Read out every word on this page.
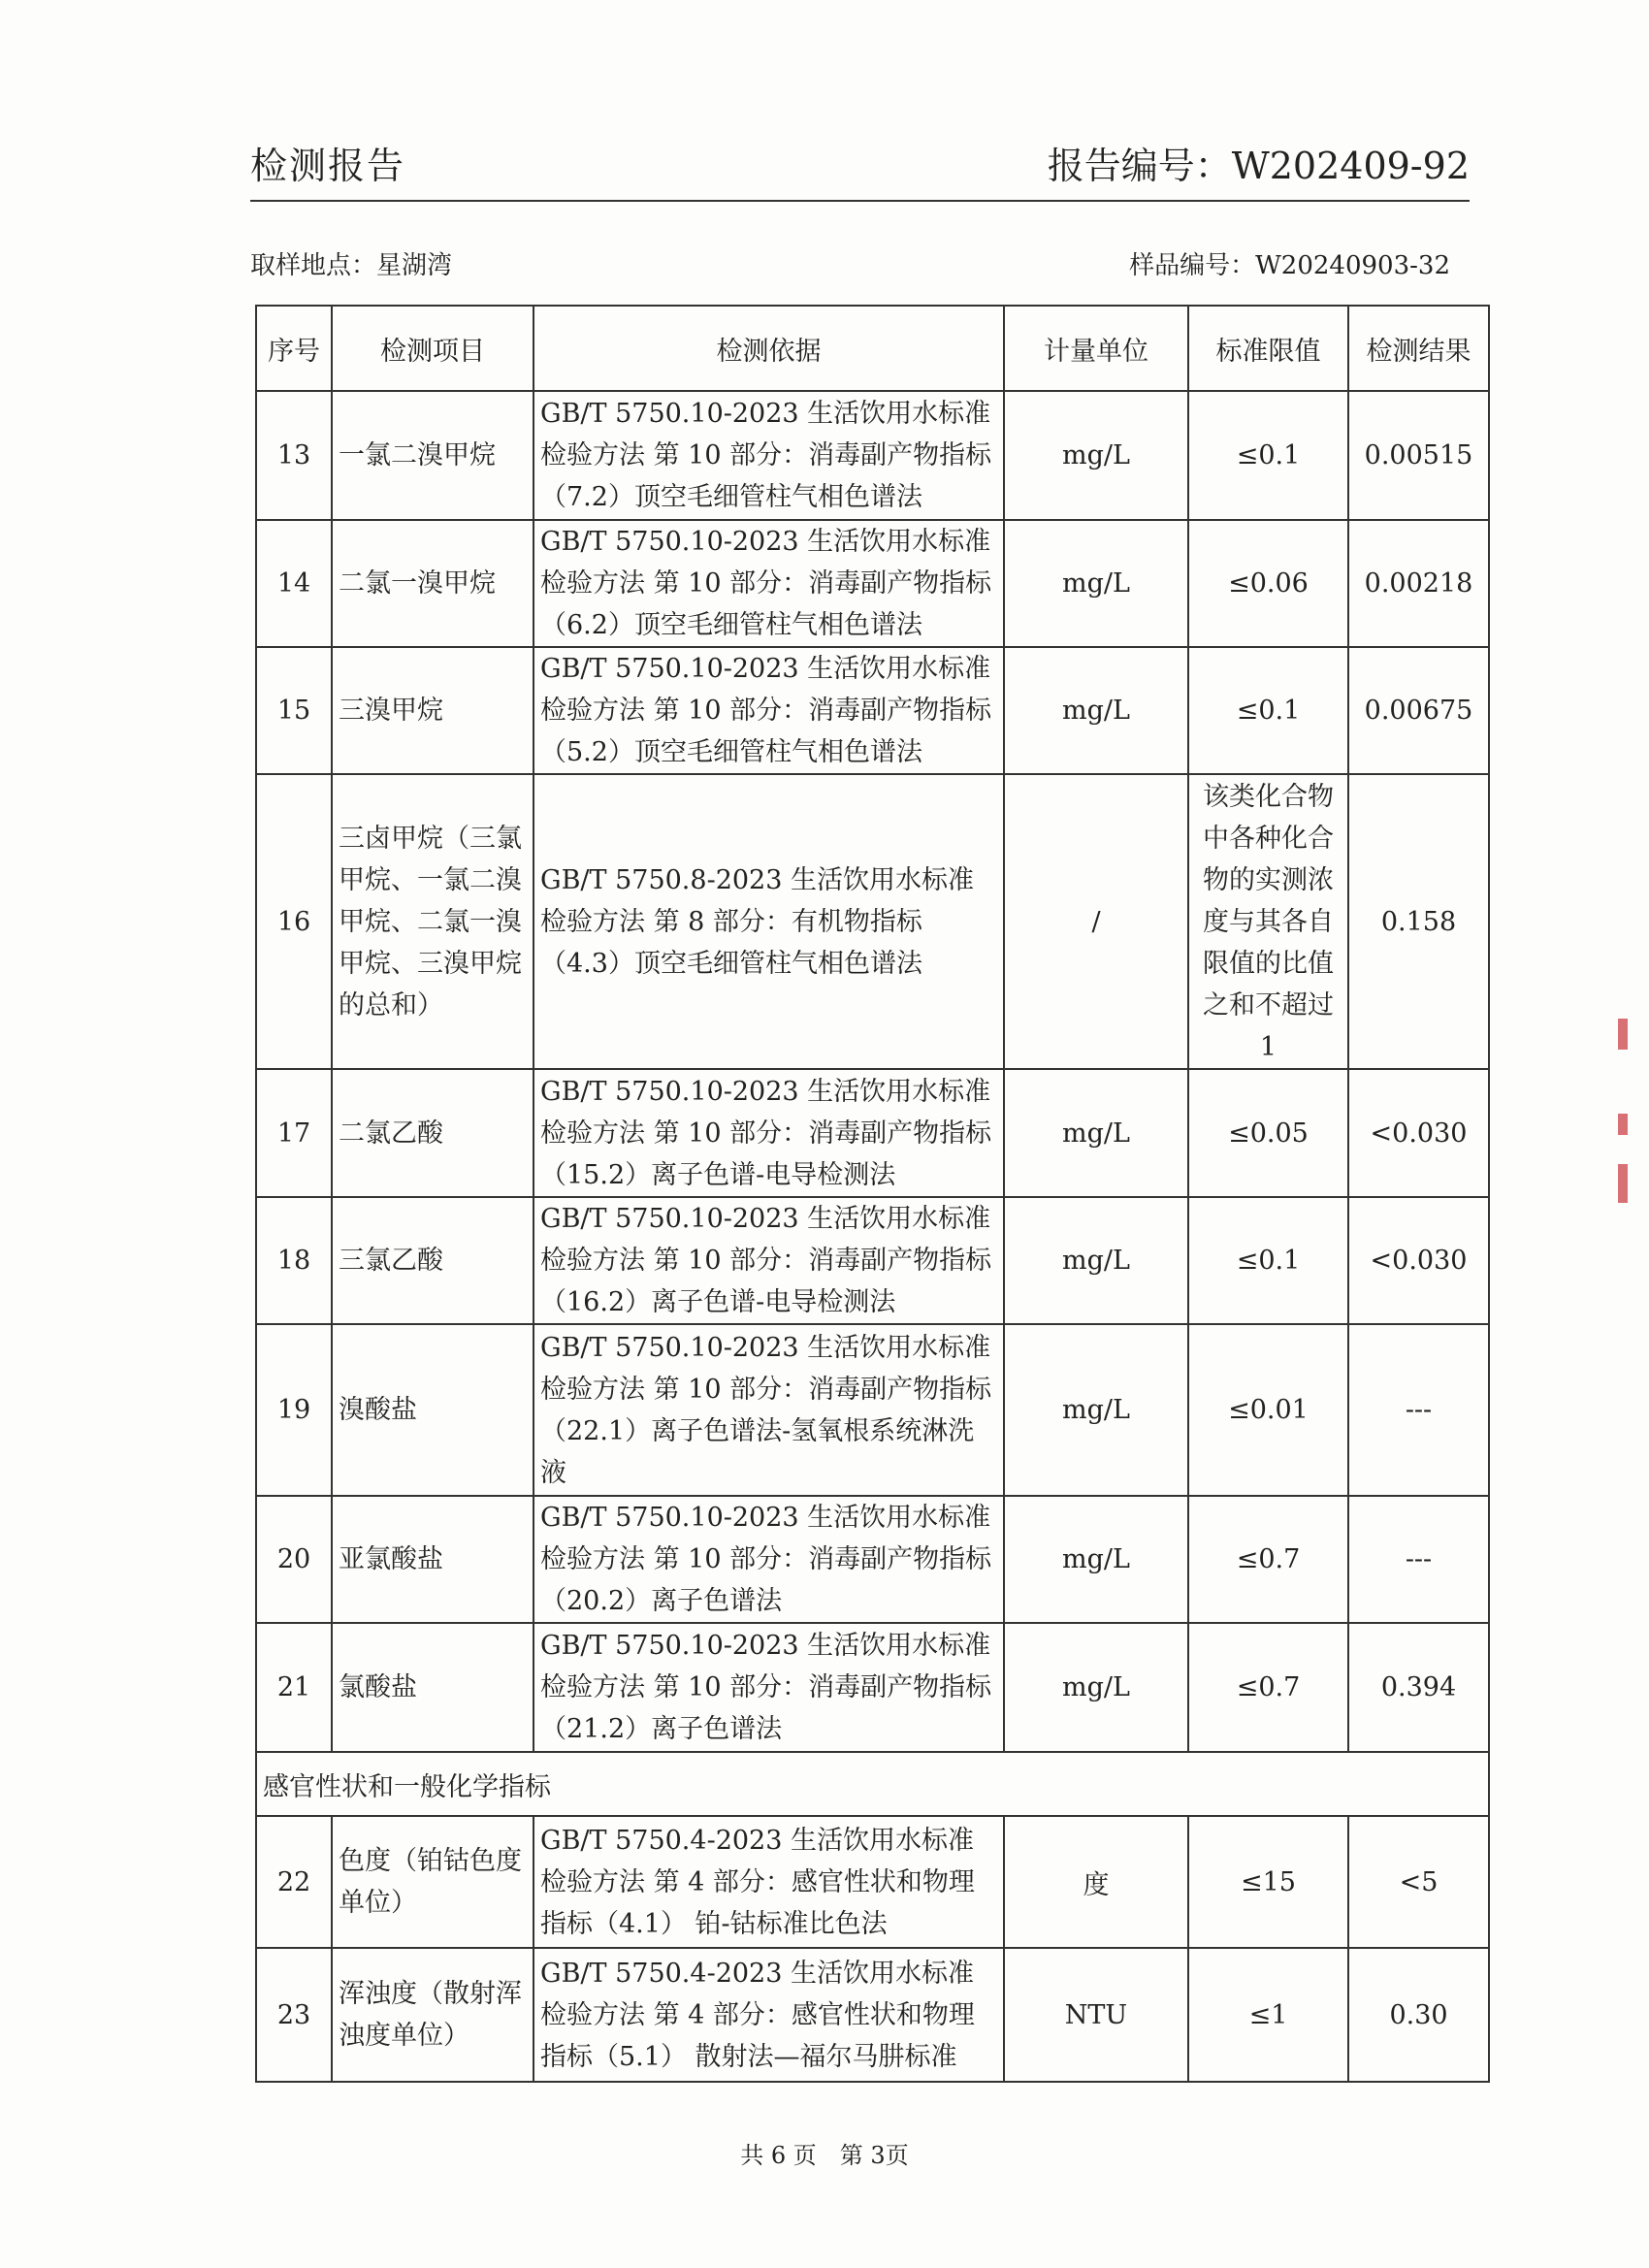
检测报告	报告编号：W202409-92
取样地点：星湖湾	样品编号：W20240903-32
序号	检测项目	检测依据	计量单位	标准限值	检测结果
13	一氯二溴甲烷	GB/T 5750.10-2023 生活饮用水标准检验方法 第 10 部分：消毒副产物指标（7.2）顶空毛细管柱气相色谱法	mg/L	≤0.1	0.00515
14	二氯一溴甲烷	GB/T 5750.10-2023 生活饮用水标准检验方法 第 10 部分：消毒副产物指标（6.2）顶空毛细管柱气相色谱法	mg/L	≤0.06	0.00218
15	三溴甲烷	GB/T 5750.10-2023 生活饮用水标准检验方法 第 10 部分：消毒副产物指标（5.2）顶空毛细管柱气相色谱法	mg/L	≤0.1	0.00675
16	三卤甲烷（三氯甲烷、一氯二溴甲烷、二氯一溴甲烷、三溴甲烷的总和）	GB/T 5750.8-2023 生活饮用水标准检验方法 第 8 部分：有机物指标（4.3）顶空毛细管柱气相色谱法	/	该类化合物中各种化合物的实测浓度与其各自限值的比值之和不超过1	0.158
17	二氯乙酸	GB/T 5750.10-2023 生活饮用水标准检验方法 第 10 部分：消毒副产物指标（15.2）离子色谱-电导检测法	mg/L	≤0.05	<0.030
18	三氯乙酸	GB/T 5750.10-2023 生活饮用水标准检验方法 第 10 部分：消毒副产物指标（16.2）离子色谱-电导检测法	mg/L	≤0.1	<0.030
19	溴酸盐	GB/T 5750.10-2023 生活饮用水标准检验方法 第 10 部分：消毒副产物指标（22.1）离子色谱法-氢氧根系统淋洗液	mg/L	≤0.01	---
20	亚氯酸盐	GB/T 5750.10-2023 生活饮用水标准检验方法 第 10 部分：消毒副产物指标（20.2）离子色谱法	mg/L	≤0.7	---
21	氯酸盐	GB/T 5750.10-2023 生活饮用水标准检验方法 第 10 部分：消毒副产物指标（21.2）离子色谱法	mg/L	≤0.7	0.394
感官性状和一般化学指标					
22	色度（铂钴色度单位）	GB/T 5750.4-2023 生活饮用水标准检验方法 第 4 部分：感官性状和物理指标（4.1） 铂-钴标准比色法	度	≤15	<5
23	浑浊度（散射浑浊度单位）	GB/T 5750.4-2023 生活饮用水标准检验方法 第 4 部分：感官性状和物理指标（5.1） 散射法—福尔马肼标准	NTU	≤1	0.30
共 6 页　第 3页
